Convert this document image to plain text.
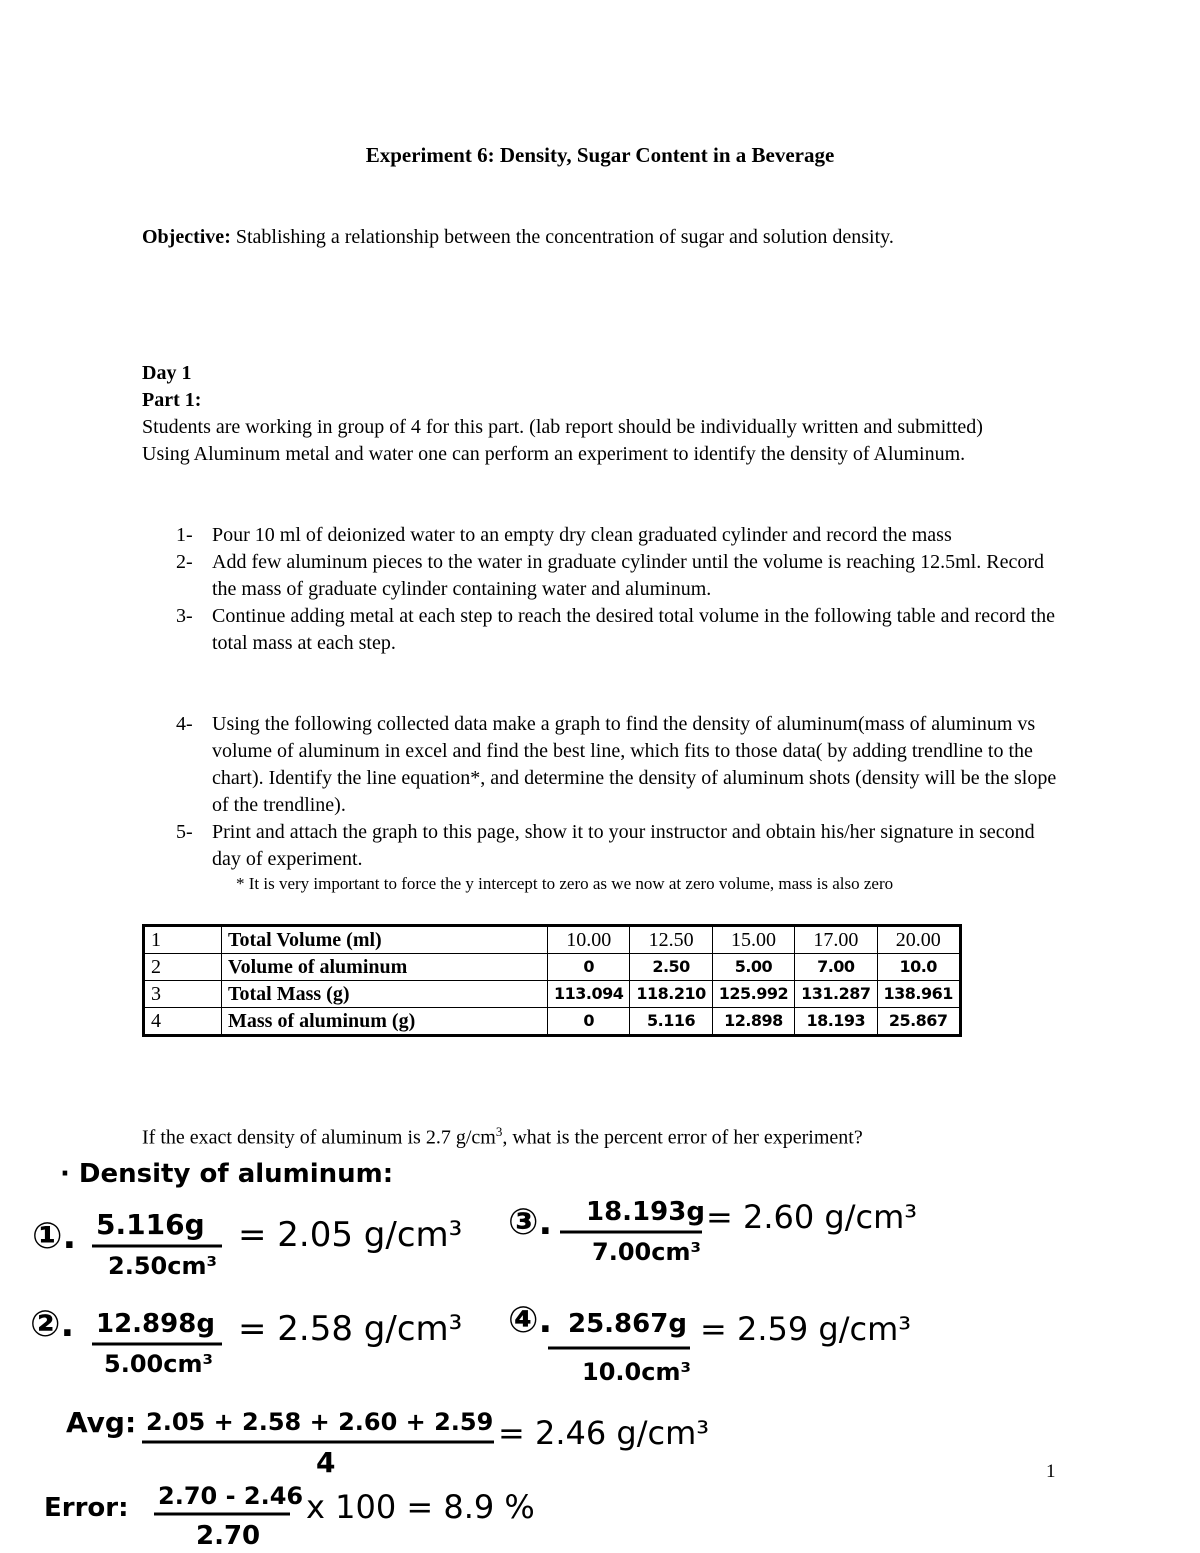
Experiment 6: Density, Sugar Content in a Beverage
Objective: Stablishing a relationship between the concentration of sugar and solution density.
Day 1
Part 1:
Students are working in group of 4 for this part. (lab report should be individually written and submitted)
Using Aluminum metal and water one can perform an experiment to identify the density of Aluminum.
1- Pour 10 ml of deionized water to an empty dry clean graduated cylinder and record the mass
2- Add few aluminum pieces to the water in graduate cylinder until the volume is reaching 12.5ml. Record the mass of graduate cylinder containing water and aluminum.
3- Continue adding metal at each step to reach the desired total volume in the following table and record the total mass at each step.
4- Using the following collected data make a graph to find the density of aluminum(mass of aluminum vs volume of aluminum in excel and find the best line, which fits to those data( by adding trendline to the chart). Identify the line equation*, and determine the density of aluminum shots (density will be the slope of the trendline).
5- Print and attach the graph to this page, show it to your instructor and obtain his/her signature in second day of experiment.
* It is very important to force the y intercept to zero as we now at zero volume, mass is also zero
1	Total Volume (ml)	10.00	12.50	15.00	17.00	20.00
2	Volume of aluminum	0	2.50	5.00	7.00	10.0
3	Total Mass (g)	113.094	118.210	125.992	131.287	138.961
4	Mass of aluminum (g)	0	5.116	12.898	18.193	25.867
If the exact density of aluminum is 2.7 $g/cm^3$, what is the percent error of her experiment?
· Density of aluminum:
①. 5.116g
2.50cm³
= 2.05 g/cm³ ③. 18.193g
7.00cm³
= 2.60 g/cm³
②. 12.898g
5.00cm³
= 2.58 g/cm³ ④. 25.867g
10.0cm³
= 2.59 g/cm³
Avg: 2.05 + 2.58 + 2.60 + 2.59
4
= 2.46 g/cm³
Error: 2.70 - 2.46
2.70
x 100 = 8.9 %
1
